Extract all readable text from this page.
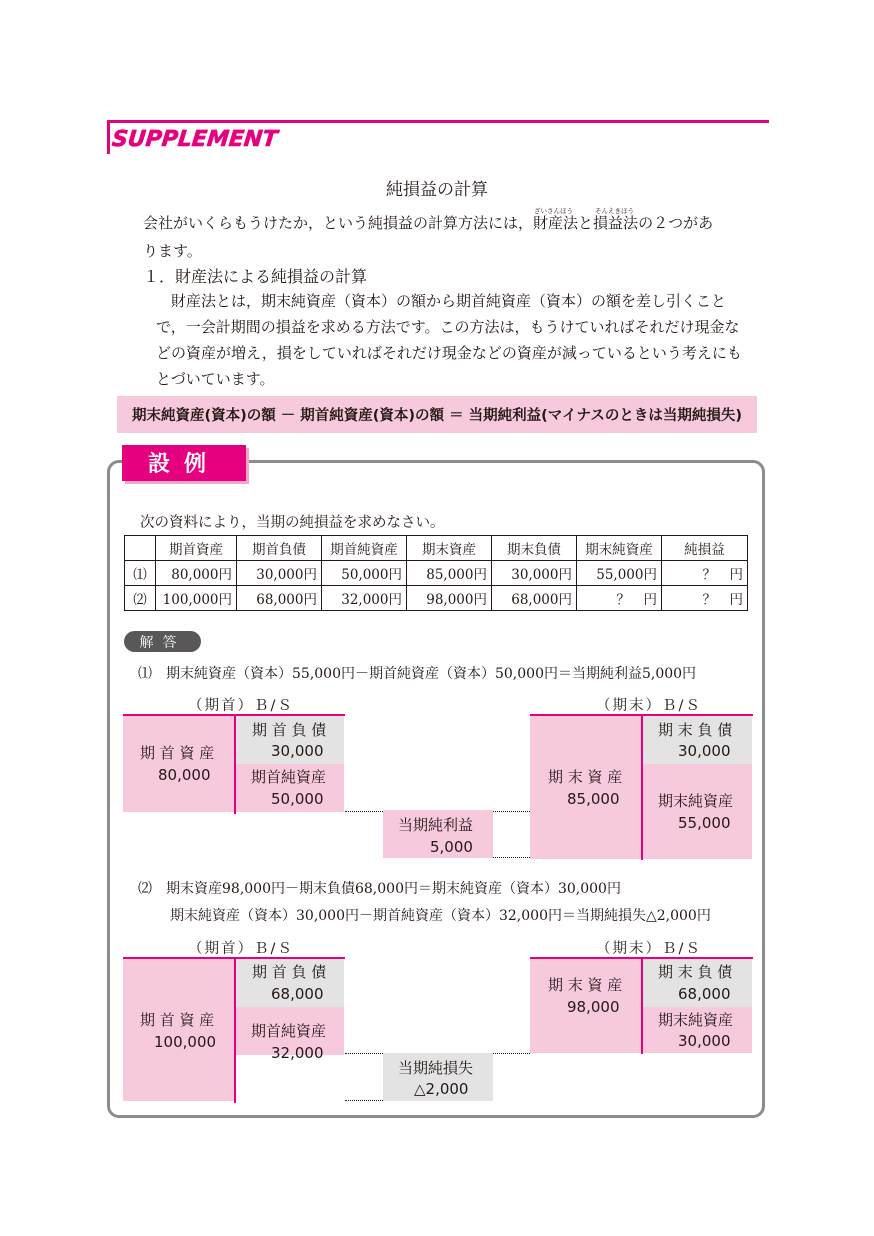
SUPPLEMENT
純損益の計算
会社がいくらもうけたか，という純損益の計算方法には，
ざいさんほう
財産法と
そんえきほう
損益法の２つがあ
ります。
１．財産法による純損益の計算
財産法とは，期末純資産（資本）の額から期首純資産（資本）の額を差し引くことで，一会計期間の損益を求める方法です。この方法は，もうけていればそれだけ現金などの資産が増え，損をしていればそれだけ現金などの資産が減っているという考えにもとづいています。
期末純資産(資本)の額 － 期首純資産(資本)の額 ＝ 当期純利益(マイナスのときは当期純損失)
設例
次の資料により，当期の純損益を求めなさい。
	期首資産	期首負債	期首純資産	期末資産	期末負債	期末純資産	純損益
⑴	80,000円	30,000円	50,000円	85,000円	30,000円	55,000円	？　円
⑵	100,000円	68,000円	32,000円	98,000円	68,000円	？　円	？　円
解答
⑴　期末純資産（資本）55,000円－期首純資産（資本）50,000円＝当期純利益5,000円
（期首）Ｂ/Ｓ
期 首 資 産
80,000
期 首 負 債
30,000
期首純資産
50,000
当期純利益
5,000
（期末）Ｂ/Ｓ
期 末 資 産
85,000
期 末 負 債
30,000
期末純資産
55,000
⑵　期末資産98,000円－期末負債68,000円＝期末純資産（資本）30,000円
期末純資産（資本）30,000円－期首純資産（資本）32,000円＝当期純損失△2,000円
（期首）Ｂ/Ｓ
期 首 資 産
100,000
期 首 負 債
68,000
期首純資産
32,000
当期純損失
△2,000
（期末）Ｂ/Ｓ
期 末 資 産
98,000
期 末 負 債
68,000
期末純資産
30,000
